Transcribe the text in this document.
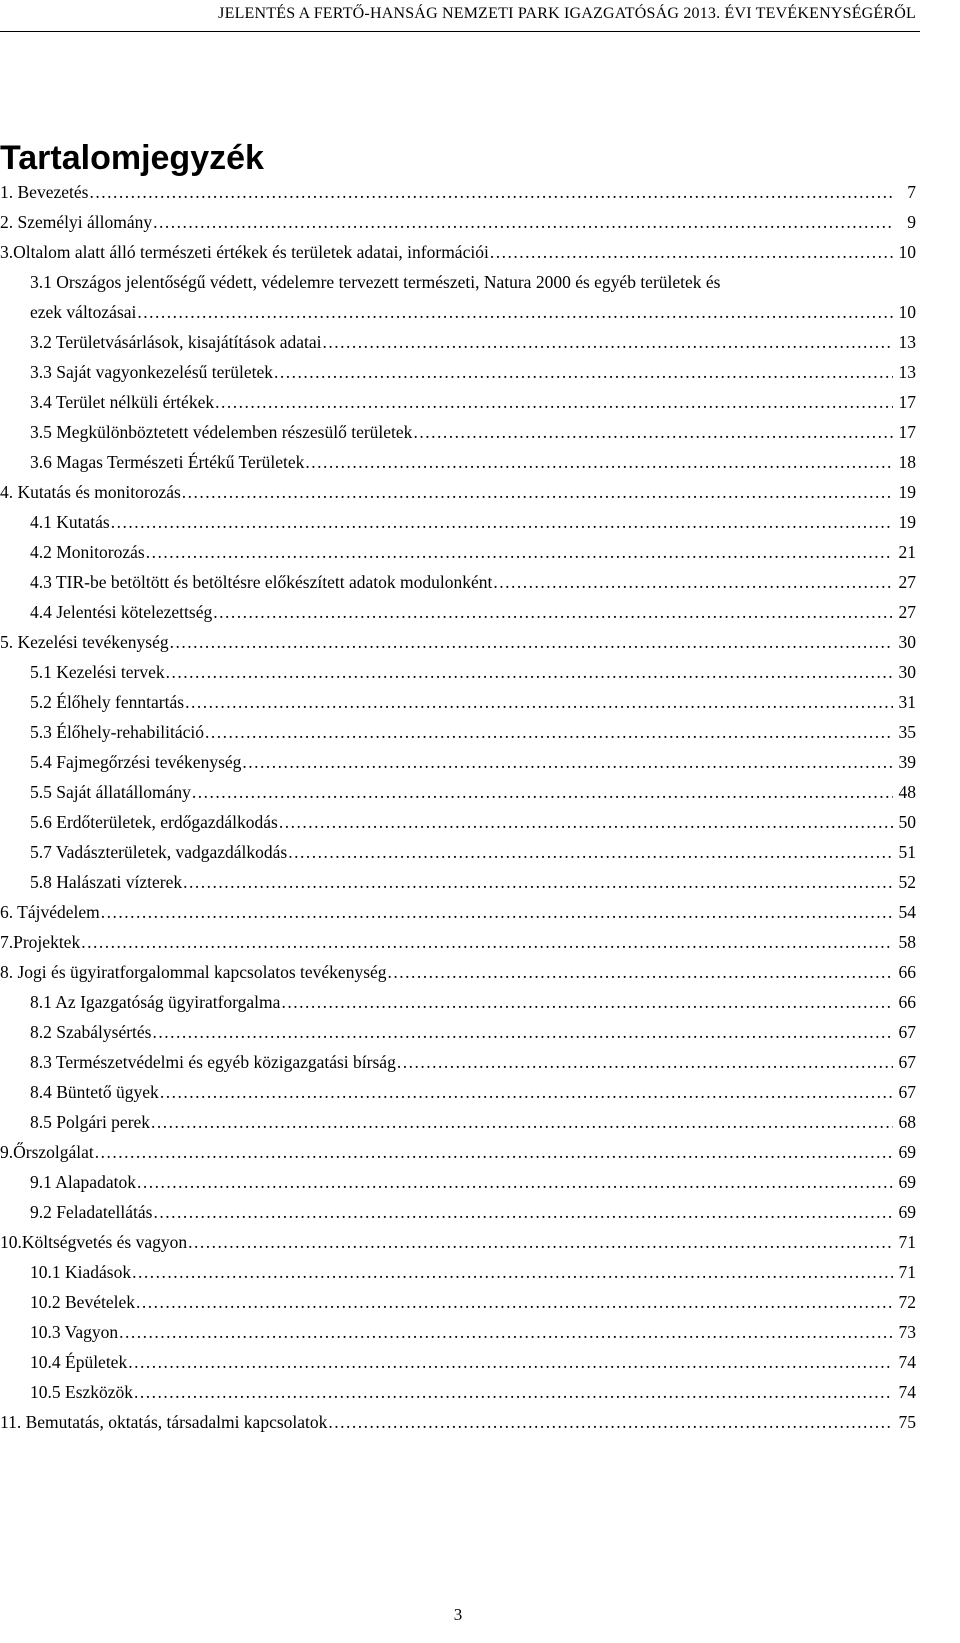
JELENTÉS A FERTŐ-HANSÁG NEMZETI PARK IGAZGATÓSÁG 2013. ÉVI TEVÉKENYSÉGÉRŐL
Tartalomjegyzék
1. Bevezetés .....	7
2. Személyi állomány .....	9
3.Oltalom alatt álló természeti értékek és területek adatai, információi .....	10
3.1 Országos jelentőségű védett, védelemre tervezett természeti, Natura 2000 és egyéb területek és
ezek változásai .....	10
3.2 Területvásárlások, kisajátítások adatai .....	13
3.3 Saját vagyonkezelésű területek .....	13
3.4 Terület nélküli értékek .....	17
3.5 Megkülönböztetett védelemben részesülő területek .....	17
3.6 Magas Természeti Értékű Területek .....	18
4. Kutatás és monitorozás .....	19
4.1 Kutatás .....	19
4.2 Monitorozás .....	21
4.3 TIR-be betöltött és betöltésre előkészített adatok modulonként .....	27
4.4 Jelentési kötelezettség .....	27
5. Kezelési tevékenység .....	30
5.1 Kezelési tervek .....	30
5.2 Élőhely fenntartás .....	31
5.3 Élőhely-rehabilitáció .....	35
5.4 Fajmegőrzési tevékenység .....	39
5.5 Saját állatállomány .....	48
5.6 Erdőterületek, erdőgazdálkodás .....	50
5.7 Vadászterületek, vadgazdálkodás .....	51
5.8 Halászati vízterek .....	52
6. Tájvédelem .....	54
7.Projektek .....	58
8. Jogi és ügyiratforgalommal kapcsolatos tevékenység .....	66
8.1 Az Igazgatóság ügyiratforgalma .....	66
8.2 Szabálysértés .....	67
8.3 Természetvédelmi és egyéb közigazgatási bírság .....	67
8.4 Büntető ügyek .....	67
8.5 Polgári perek .....	68
9.Őrszolgálat .....	69
9.1 Alapadatok .....	69
9.2 Feladatellátás .....	69
10.Költségvetés és vagyon .....	71
10.1 Kiadások .....	71
10.2 Bevételek .....	72
10.3 Vagyon .....	73
10.4 Épületek .....	74
10.5 Eszközök .....	74
11. Bemutatás, oktatás, társadalmi kapcsolatok .....	75
3
